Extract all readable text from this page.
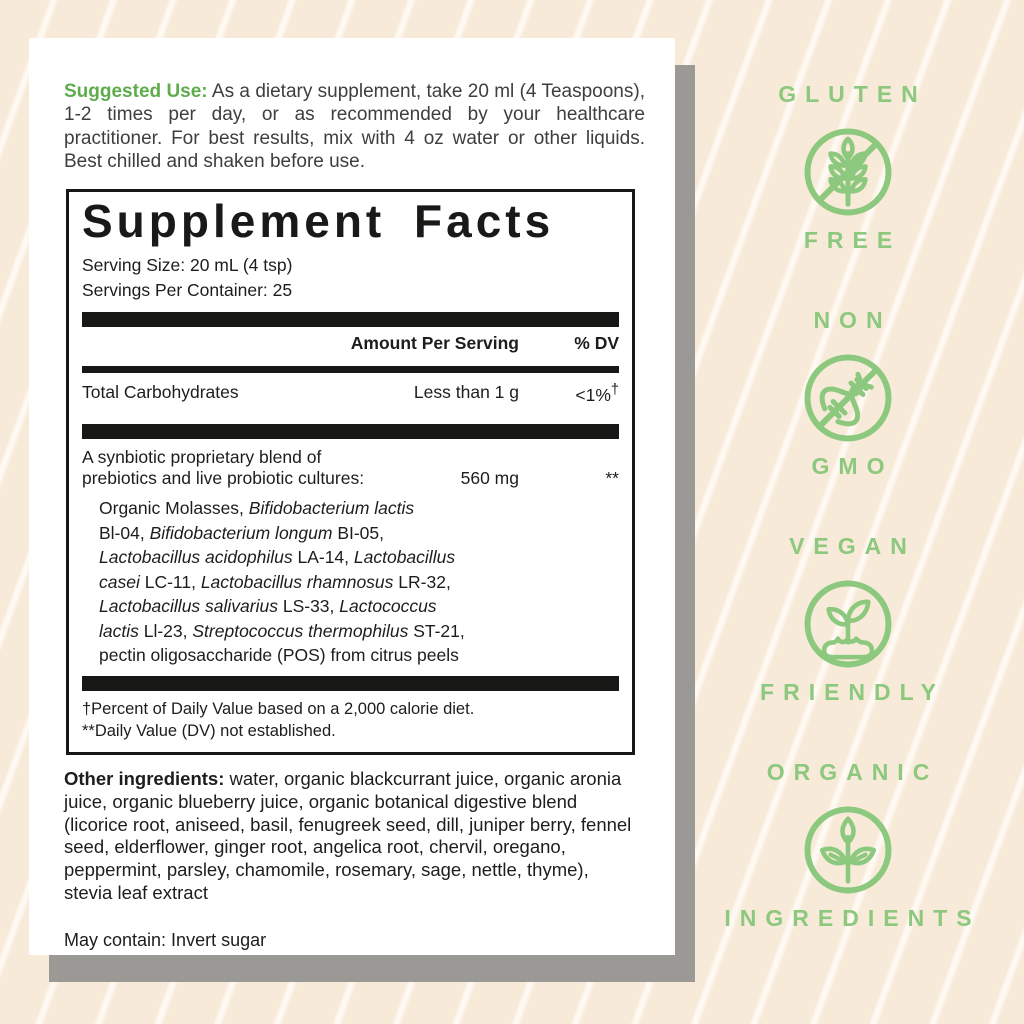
Suggested Use: As a dietary supplement, take 20 ml (4 Teaspoons), 1-2 times per day, or as recommended by your healthcare practitioner. For best results, mix with 4 oz water or other liquids. Best chilled and shaken before use.

Supplement Facts
Serving Size: 20 mL (4 tsp)
Servings Per Container: 25
Amount Per Serving	% DV
Total Carbohydrates	Less than 1 g	<1%†
A synbiotic proprietary blend of
prebiotics and live probiotic cultures:	560 mg	**
Organic Molasses, Bifidobacterium lactis
Bl-04, Bifidobacterium longum BI-05,
Lactobacillus acidophilus LA-14, Lactobacillus
casei LC-11, Lactobacillus rhamnosus LR-32,
Lactobacillus salivarius LS-33, Lactococcus
lactis Ll-23, Streptococcus thermophilus ST-21,
pectin oligosaccharide (POS) from citrus peels
†Percent of Daily Value based on a 2,000 calorie diet.
**Daily Value (DV) not established.

Other ingredients: water, organic blackcurrant juice, organic aronia juice, organic blueberry juice, organic botanical digestive blend (licorice root, aniseed, basil, fenugreek seed, dill, juniper berry, fennel seed, elderflower, ginger root, angelica root, chervil, oregano, peppermint, parsley, chamomile, rosemary, sage, nettle, thyme), stevia leaf extract

May contain: Invert sugar

GLUTEN
FREE
NON
GMO
VEGAN
FRIENDLY
ORGANIC
INGREDIENTS
